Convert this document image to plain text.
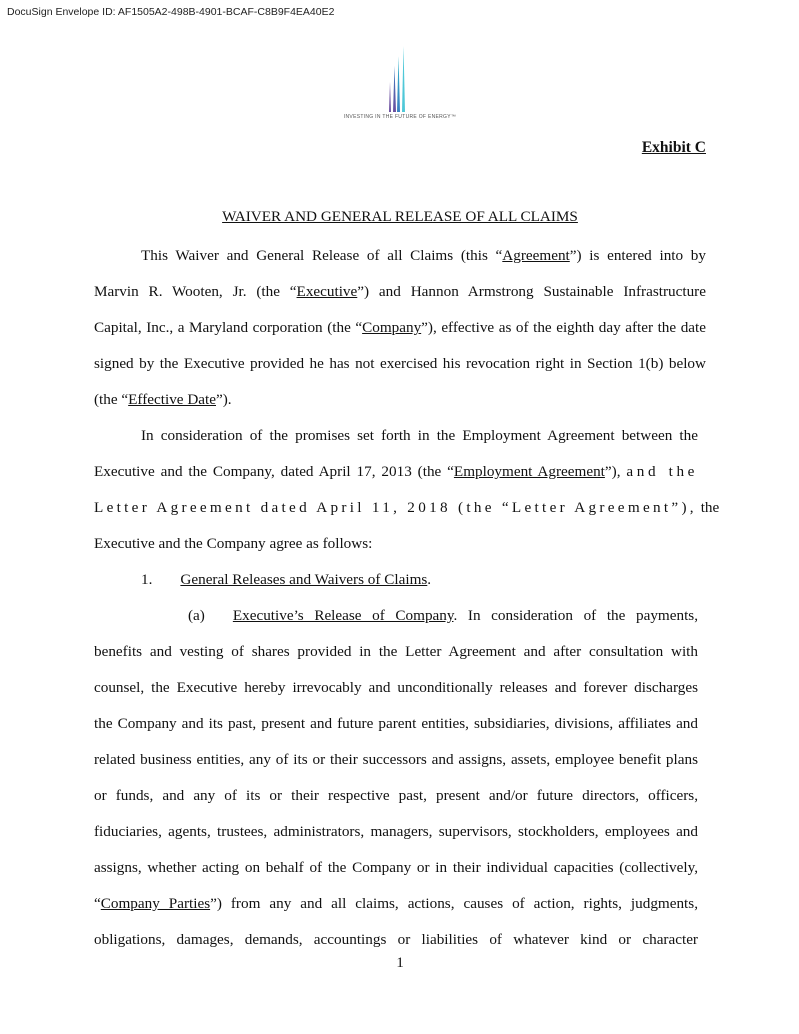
DocuSign Envelope ID: AF1505A2-498B-4901-BCAF-C8B9F4EA40E2
INVESTING IN THE FUTURE OF ENERGY™
Exhibit C
WAIVER AND GENERAL RELEASE OF ALL CLAIMS
This Waiver and General Release of all Claims (this “Agreement”) is entered into by
Marvin R. Wooten, Jr. (the “Executive”) and Hannon Armstrong Sustainable Infrastructure
Capital, Inc., a Maryland corporation (the “Company”), effective as of the eighth day after the date
signed by the Executive provided he has not exercised his revocation right in Section 1(b) below
(the “Effective Date”).
In consideration of the promises set forth in the Employment Agreement between the
Executive and the Company, dated April 17, 2013 (the “Employment Agreement”), and the
Letter Agreement dated April 11, 2018 (the “Letter Agreement”), the
Executive and the Company agree as follows:
1. General Releases and Waivers of Claims.
(a) Executive’s Release of Company. In consideration of the payments,
benefits and vesting of shares provided in the Letter Agreement and after consultation with
counsel, the Executive hereby irrevocably and unconditionally releases and forever discharges
the Company and its past, present and future parent entities, subsidiaries, divisions, affiliates and
related business entities, any of its or their successors and assigns, assets, employee benefit plans
or funds, and any of its or their respective past, present and/or future directors, officers,
fiduciaries, agents, trustees, administrators, managers, supervisors, stockholders, employees and
assigns, whether acting on behalf of the Company or in their individual capacities (collectively,
“Company Parties”) from any and all claims, actions, causes of action, rights, judgments,
obligations, damages, demands, accountings or liabilities of whatever kind or character
1
